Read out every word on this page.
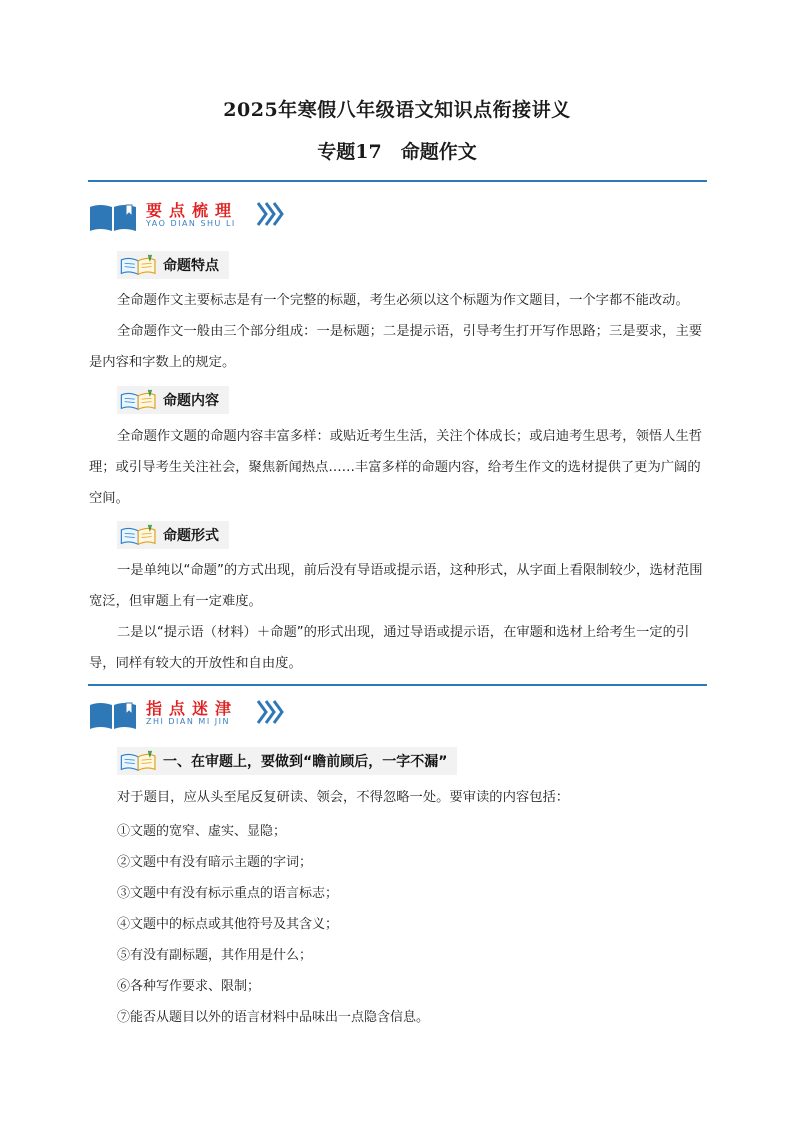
2025年寒假八年级语文知识点衔接讲义
专题17　命题作文
要点梳理
YAO DIAN SHU LI
命题特点

全命题作文主要标志是有一个完整的标题，考生必须以这个标题为作文题目，一个字都不能改动。

全命题作文一般由三个部分组成：一是标题；二是提示语，引导考生打开写作思路；三是要求，主要是内容和字数上的规定。

命题内容

全命题作文题的命题内容丰富多样：或贴近考生生活，关注个体成长；或启迪考生思考，领悟人生哲理；或引导考生关注社会，聚焦新闻热点……丰富多样的命题内容，给考生作文的选材提供了更为广阔的空间。

命题形式

一是单纯以“命题”的方式出现，前后没有导语或提示语，这种形式，从字面上看限制较少，选材范围宽泛，但审题上有一定难度。

二是以“提示语（材料）＋命题”的形式出现，通过导语或提示语，在审题和选材上给考生一定的引导，同样有较大的开放性和自由度。

指点迷津
ZHI DIAN MI JIN
一、在审题上，要做到“瞻前顾后，一字不漏”

对于题目，应从头至尾反复研读、领会，不得忽略一处。要审读的内容包括：

①文题的宽窄、虚实、显隐；
②文题中有没有暗示主题的字词；
③文题中有没有标示重点的语言标志；
④文题中的标点或其他符号及其含义；
⑤有没有副标题，其作用是什么；
⑥各种写作要求、限制；
⑦能否从题目以外的语言材料中品味出一点隐含信息。
